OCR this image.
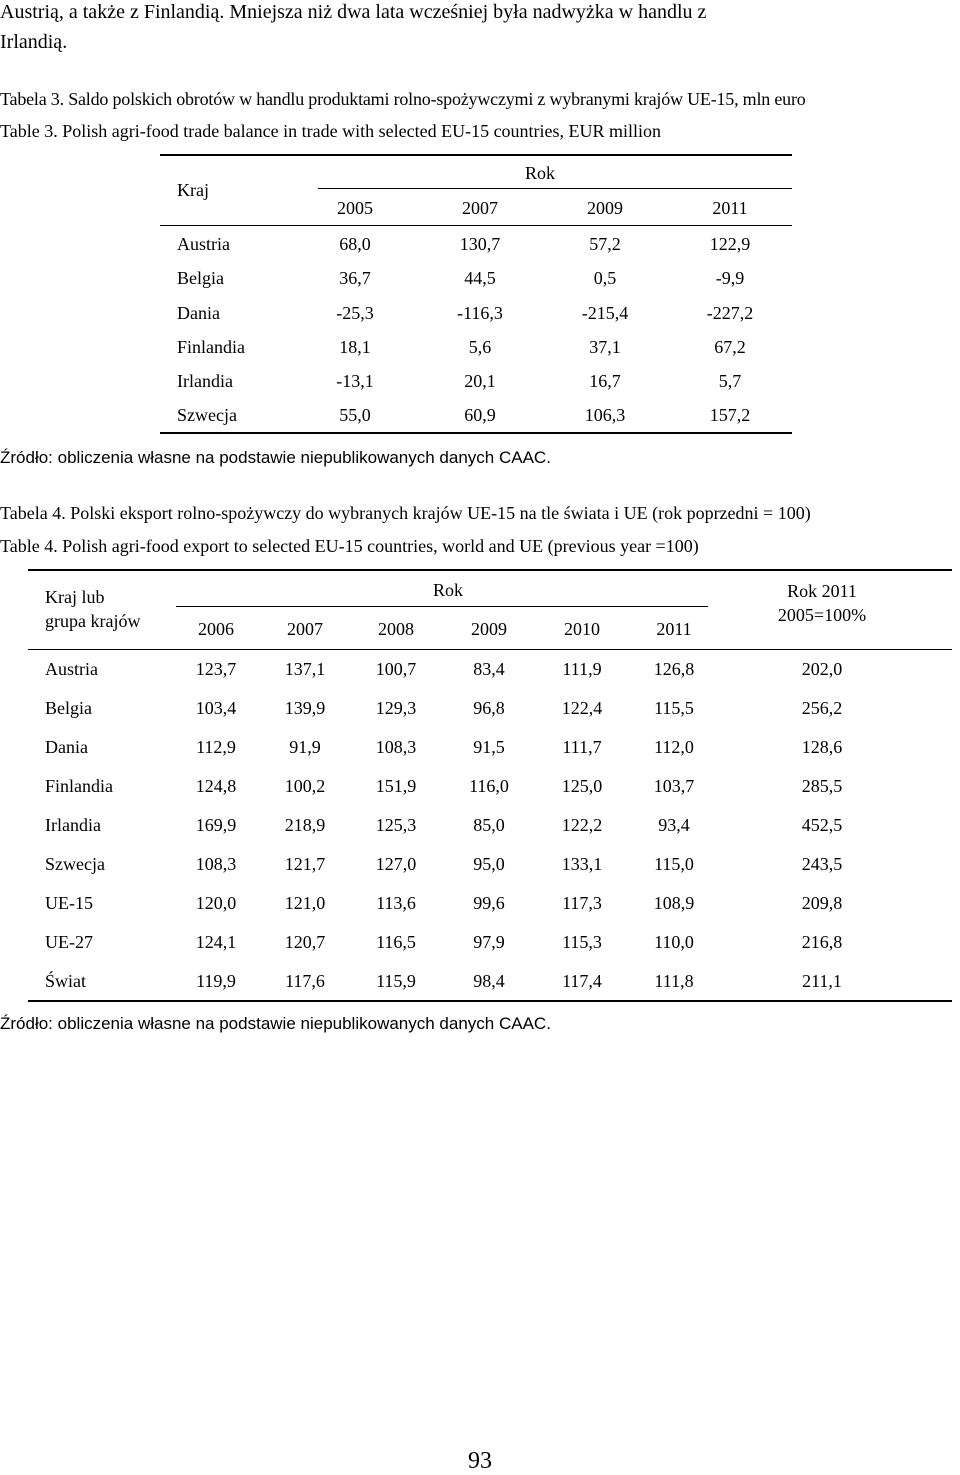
Austrią, a także z Finlandią. Mniejsza niż dwa lata wcześniej była nadwyżka w handlu z
Irlandią.
Tabela 3. Saldo polskich obrotów w handlu produktami rolno-spożywczymi z wybranymi krajów UE-15, mln euro
Table 3. Polish agri-food trade balance in trade with selected EU-15 countries, EUR million
Kraj
Rok
2005	2007	2009	2011
Austria	68,0	130,7	57,2	122,9
Belgia	36,7	44,5	0,5	-9,9
Dania	-25,3	-116,3	-215,4	-227,2
Finlandia	18,1	5,6	37,1	67,2
Irlandia	-13,1	20,1	16,7	5,7
Szwecja	55,0	60,9	106,3	157,2
Źródło: obliczenia własne na podstawie niepublikowanych danych CAAC.
Tabela 4. Polski eksport rolno-spożywczy do wybranych krajów UE-15 na tle świata i UE (rok poprzedni = 100)
Table 4. Polish agri-food export to selected EU-15 countries, world and UE (previous year =100)
Kraj lub
grupa krajów
Rok	Rok 2011
2005=100%
2006	2007	2008	2009	2010	2011
Austria	123,7	137,1	100,7	83,4	111,9	126,8	202,0
Belgia	103,4	139,9	129,3	96,8	122,4	115,5	256,2
Dania	112,9	91,9	108,3	91,5	111,7	112,0	128,6
Finlandia	124,8	100,2	151,9	116,0	125,0	103,7	285,5
Irlandia	169,9	218,9	125,3	85,0	122,2	93,4	452,5
Szwecja	108,3	121,7	127,0	95,0	133,1	115,0	243,5
UE-15	120,0	121,0	113,6	99,6	117,3	108,9	209,8
UE-27	124,1	120,7	116,5	97,9	115,3	110,0	216,8
Świat	119,9	117,6	115,9	98,4	117,4	111,8	211,1
Źródło: obliczenia własne na podstawie niepublikowanych danych CAAC.
93
